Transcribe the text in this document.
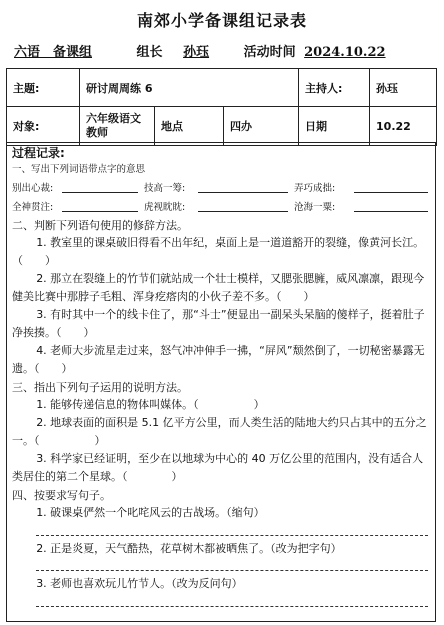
南郊小学备课组记录表
六语　备课组	组长 孙珏	活动时间 2024.10.22
主题:	研讨周周练 6			主持人:	孙珏
对象:	六年级语文教师	地点	四办	日期	10.22
过程记录:
一、写出下列词语带点字的意思
别出心裁:	技高一筹:	弄巧成拙:
全神贯注:	虎视眈眈:	沧海一粟:
二、判断下列语句使用的修辞方法。
1. 教室里的课桌破旧得看不出年纪，桌面上是一道道豁开的裂缝，像黄河长江。（　　）
2. 那立在裂缝上的竹节们就站成一个壮士模样，又腮张腮臃，威风凛凛，跟现今健美比赛中那脖子毛粗、浑身疙瘩肉的小伙子差不多。（　　）
3. 有时其中一个的线卡住了，那“斗士”便显出一副呆头呆脑的傻样子，挺着肚子净挨揍。（　　）
4. 老师大步流星走过来，怒气冲冲伸手一拂，“屏风”颓然倒了，一切秘密暴露无遗。（　　）
三、指出下列句子运用的说明方法。
1. 能够传递信息的物体叫媒体。（　　　　　）
2. 地球表面的面积是 5.1 亿平方公里，而人类生活的陆地大约只占其中的五分之一。（　　　　　）
3. 科学家已经证明，至少在以地球为中心的 40 万亿公里的范围内，没有适合人类居住的第二个星球。（　　　　）
四、按要求写句子。
1. 破课桌俨然一个叱咤风云的古战场。（缩句）
2. 正是炎夏，天气酷热，花草树木都被晒焦了。（改为把字句）
3. 老师也喜欢玩儿竹节人。（改为反问句）
